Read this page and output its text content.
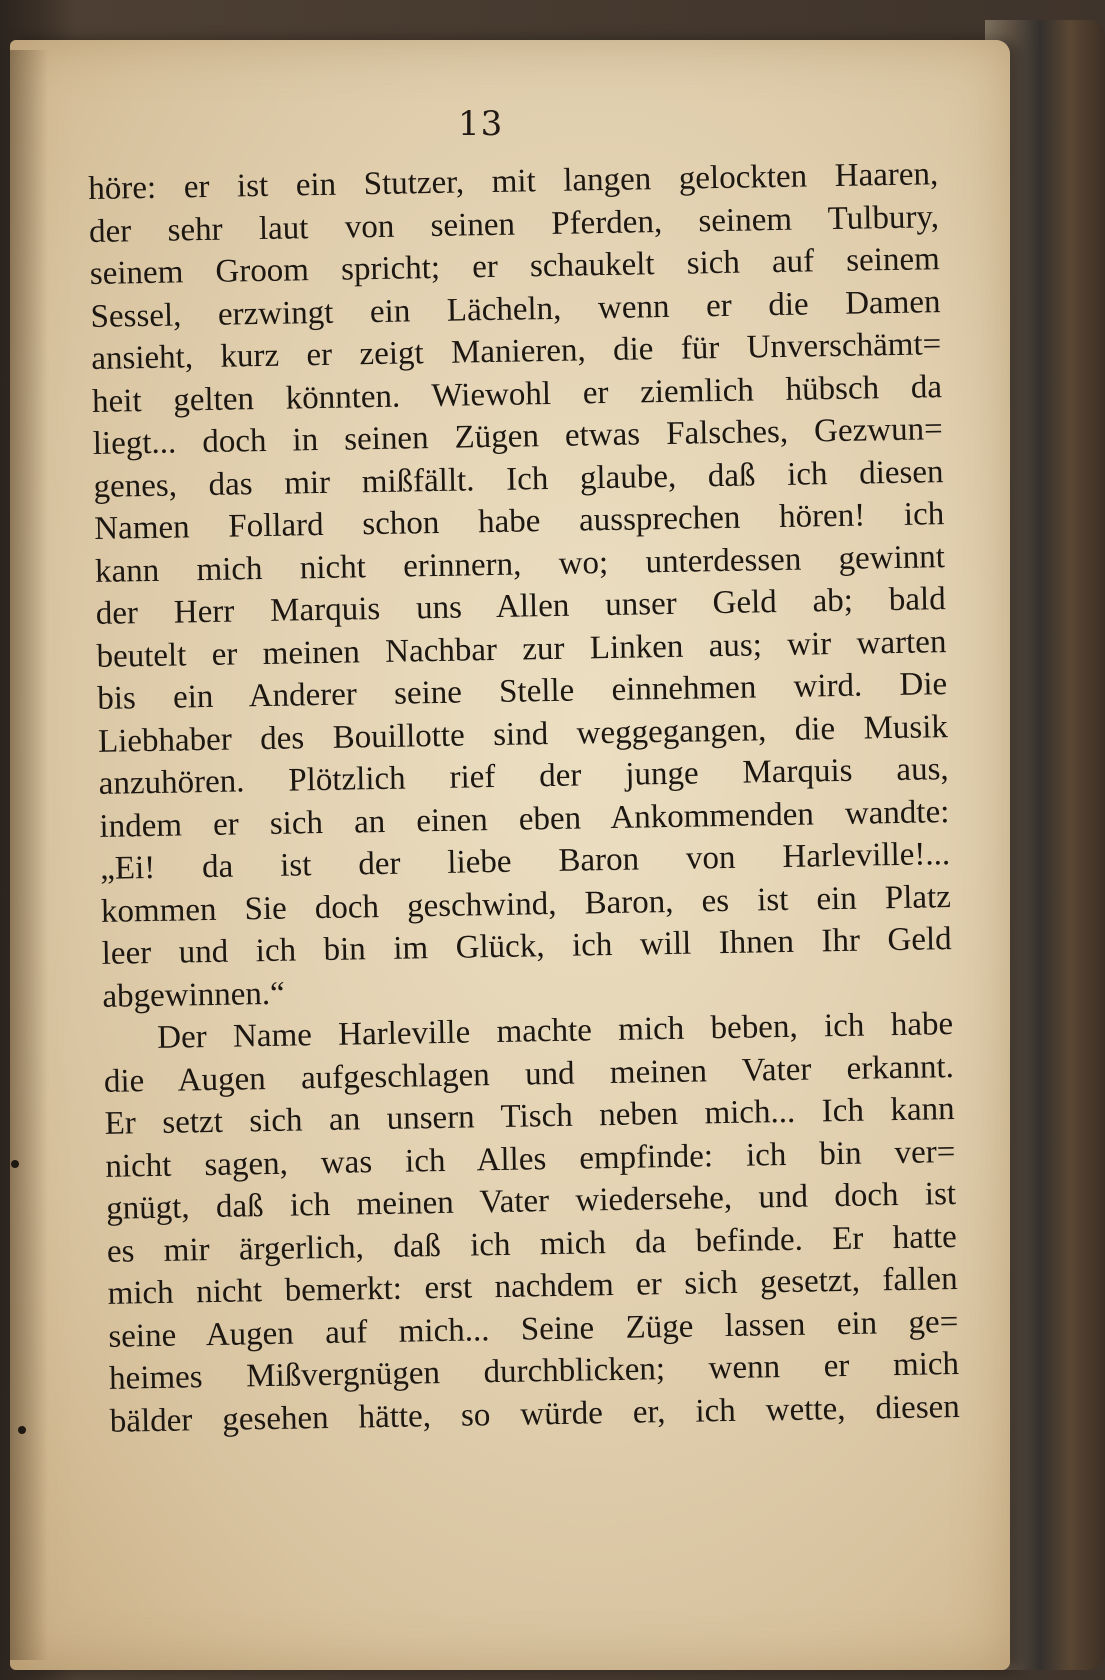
13
höre: er ist ein Stutzer, mit langen gelockten Haaren,
der sehr laut von seinen Pferden, seinem Tulbury,
seinem Groom spricht; er schaukelt sich auf seinem
Sessel, erzwingt ein Lächeln, wenn er die Damen
ansieht, kurz er zeigt Manieren, die für Unverschämt=
heit gelten könnten. Wiewohl er ziemlich hübsch da
liegt... doch in seinen Zügen etwas Falsches, Gezwun=
genes, das mir mißfällt. Ich glaube, daß ich diesen
Namen Follard schon habe aussprechen hören! ich
kann mich nicht erinnern, wo; unterdessen gewinnt
der Herr Marquis uns Allen unser Geld ab; bald
beutelt er meinen Nachbar zur Linken aus; wir warten
bis ein Anderer seine Stelle einnehmen wird. Die
Liebhaber des Bouillotte sind weggegangen, die Musik
anzuhören. Plötzlich rief der junge Marquis aus,
indem er sich an einen eben Ankommenden wandte:
„Ei! da ist der liebe Baron von Harleville!...
kommen Sie doch geschwind, Baron, es ist ein Platz
leer und ich bin im Glück, ich will Ihnen Ihr Geld
abgewinnen.“
Der Name Harleville machte mich beben, ich habe
die Augen aufgeschlagen und meinen Vater erkannt.
Er setzt sich an unsern Tisch neben mich... Ich kann
nicht sagen, was ich Alles empfinde: ich bin ver=
gnügt, daß ich meinen Vater wiedersehe, und doch ist
es mir ärgerlich, daß ich mich da befinde. Er hatte
mich nicht bemerkt: erst nachdem er sich gesetzt, fallen
seine Augen auf mich... Seine Züge lassen ein ge=
heimes Mißvergnügen durchblicken; wenn er mich
bälder gesehen hätte, so würde er, ich wette, diesen
